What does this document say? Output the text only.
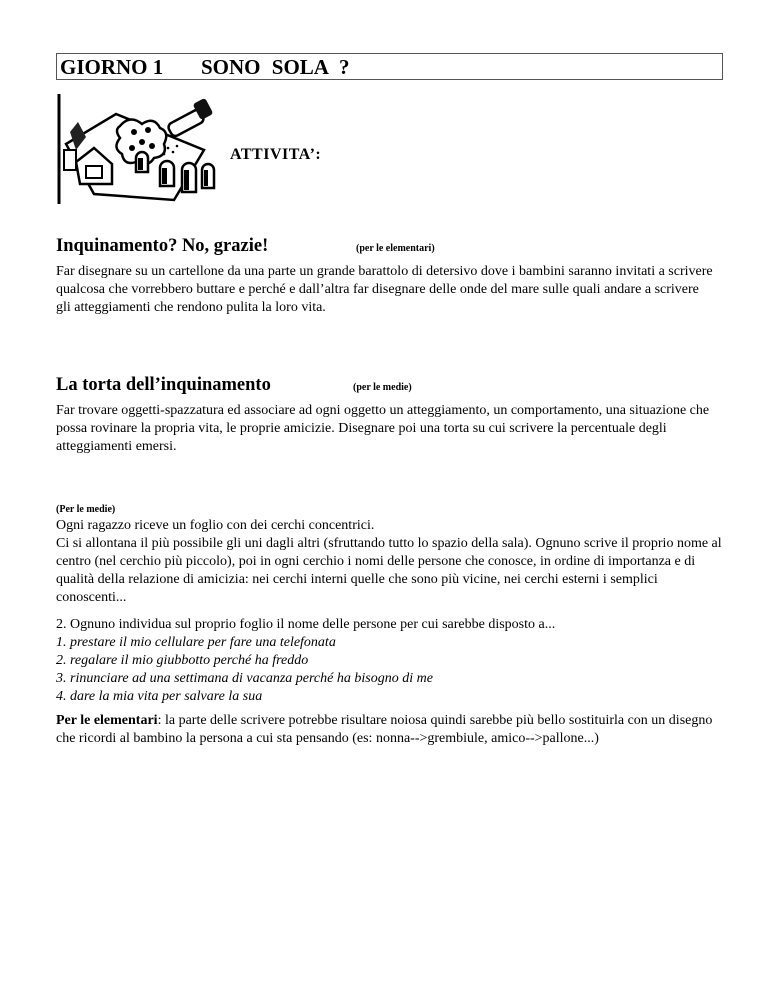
GIORNO 1 SONO SOLA ?
ATTIVITA’:
Inquinamento? No, grazie!	(per le elementari)
Far disegnare su un cartellone da una parte un grande barattolo di detersivo dove i bambini saranno invitati a scrivere qualcosa che vorrebbero buttare e perché e dall’altra far disegnare delle onde del mare sulle quali andare a scrivere gli atteggiamenti che rendono pulita la loro vita.
La torta dell’inquinamento	(per le medie)
Far trovare oggetti-spazzatura ed associare ad ogni oggetto un atteggiamento, un comportamento, una situazione che possa rovinare la propria vita, le proprie amicizie. Disegnare poi una torta su cui scrivere la percentuale degli atteggiamenti emersi.
(Per le medie)

Ogni ragazzo riceve un foglio con dei cerchi concentrici.

Ci si allontana il più possibile gli uni dagli altri (sfruttando tutto lo spazio della sala). Ognuno scrive il proprio nome al centro (nel cerchio più piccolo), poi in ogni cerchio i nomi delle persone che conosce, in ordine di importanza e di qualità della relazione di amicizia: nei cerchi interni quelle che sono più vicine, nei cerchi esterni i semplici conoscenti...

2. Ognuno individua sul proprio foglio il nome delle persone per cui sarebbe disposto a...

1. prestare il mio cellulare per fare una telefonata

2. regalare il mio giubbotto perché ha freddo

3. rinunciare ad una settimana di vacanza perché ha bisogno di me

4. dare la mia vita per salvare la sua

Per le elementari: la parte delle scrivere potrebbe risultare noiosa quindi sarebbe più bello sostituirla con un disegno che ricordi al bambino la persona a cui sta pensando (es: nonna-->grembiule, amico-->pallone...)
